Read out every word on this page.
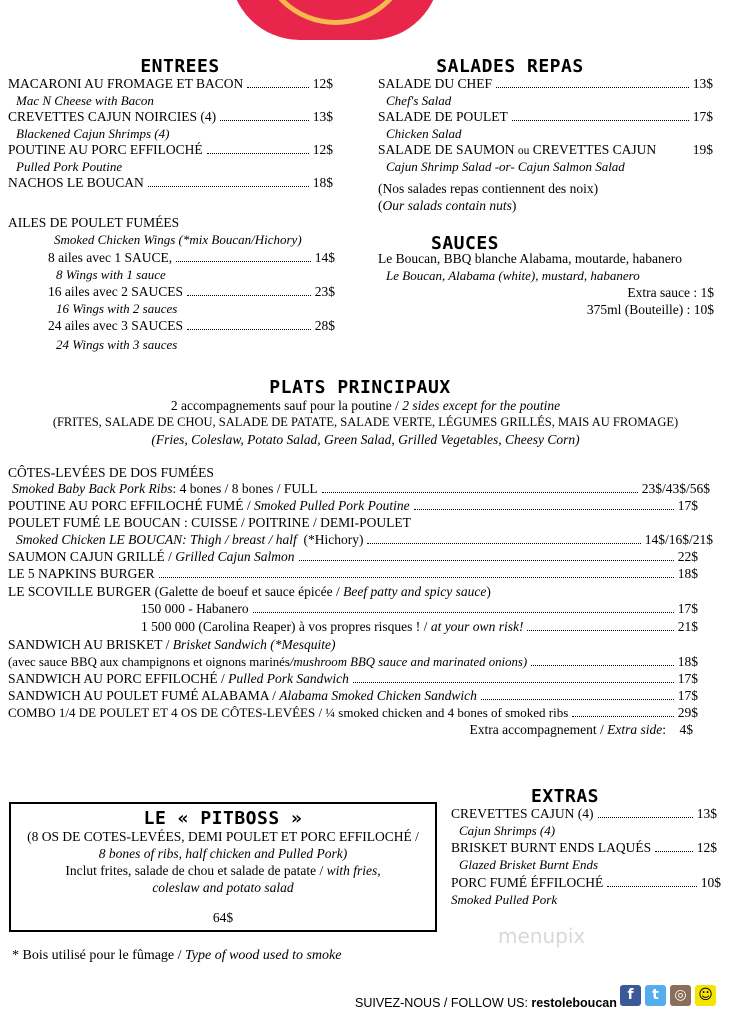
ENTREES
MACARONI AU FROMAGE ET BACON	12$
Mac N Cheese with Bacon
CREVETTES CAJUN NOIRCIES (4)	13$
Blackened Cajun Shrimps (4)
POUTINE AU PORC EFFILOCHÉ	12$
Pulled Pork Poutine
NACHOS LE BOUCAN	18$
AILES DE POULET FUMÉES
Smoked Chicken Wings (*mix Boucan/Hichory)
8 ailes avec 1 SAUCE,	14$
8 Wings with 1 sauce
16 ailes avec 2 SAUCES	23$
16 Wings with 2 sauces
24 ailes avec 3 SAUCES	28$
24 Wings with 3 sauces
SALADES REPAS
SALADE DU CHEF	13$
Chef's Salad
SALADE DE POULET	17$
Chicken Salad
SALADE DE SAUMON ou CREVETTES CAJUN	19$
Cajun Shrimp Salad -or- Cajun Salmon Salad
(Nos salades repas contiennent des noix)
(Our salads contain nuts)
SAUCES
Le Boucan, BBQ blanche Alabama, moutarde, habanero
Le Boucan, Alabama (white), mustard, habanero
Extra sauce : 1$
375ml (Bouteille) : 10$
PLATS PRINCIPAUX
2 accompagnements sauf pour la poutine / 2 sides except for the poutine
(FRITES, SALADE DE CHOU, SALADE DE PATATE, SALADE VERTE, LÉGUMES GRILLÉS, MAIS AU FROMAGE)
(Fries, Coleslaw, Potato Salad, Green Salad, Grilled Vegetables, Cheesy Corn)
CÔTES-LEVÉES DE DOS FUMÉES
Smoked Baby Back Pork Ribs: 4 bones / 8 bones / FULL	23$/43$/56$
POUTINE AU PORC EFFILOCHÉ FUMÉ / Smoked Pulled Pork Poutine	17$
POULET FUMÉ LE BOUCAN : CUISSE / POITRINE / DEMI-POULET
Smoked Chicken LE BOUCAN: Thigh / breast / half (*Hichory)	14$/16$/21$
SAUMON CAJUN GRILLÉ / Grilled Cajun Salmon	22$
LE 5 NAPKINS BURGER	18$
LE SCOVILLE BURGER (Galette de boeuf et sauce épicée / Beef patty and spicy sauce)
150 000 - Habanero	17$
1 500 000 (Carolina Reaper) à vos propres risques ! / at your own risk!	21$
SANDWICH AU BRISKET / Brisket Sandwich (*Mesquite)
(avec sauce BBQ aux champignons et oignons marinés/mushroom BBQ sauce and marinated onions)	18$
SANDWICH AU PORC EFFILOCHÉ / Pulled Pork Sandwich	17$
SANDWICH AU POULET FUMÉ ALABAMA / Alabama Smoked Chicken Sandwich	17$
COMBO 1/4 DE POULET ET 4 OS DE CÔTES-LEVÉES / ¼ smoked chicken and 4 bones of smoked ribs	29$
Extra accompagnement / Extra side: 4$
LE « PITBOSS »
(8 OS DE COTES-LEVÉES, DEMI POULET ET PORC EFFILOCHÉ /
8 bones of ribs, half chicken and Pulled Pork)
Inclut frites, salade de chou et salade de patate / with fries,
coleslaw and potato salad
64$
EXTRAS
CREVETTES CAJUN (4)	13$
Cajun Shrimps (4)
BRISKET BURNT ENDS LAQUÉS	12$
Glazed Brisket Burnt Ends
PORC FUMÉ ÉFFILOCHÉ	10$
Smoked Pulled Pork
menupix
* Bois utilisé pour le fûmage / Type of wood used to smoke
SUIVEZ-NOUS / FOLLOW US: restoleboucan f	t	◎ ☺
